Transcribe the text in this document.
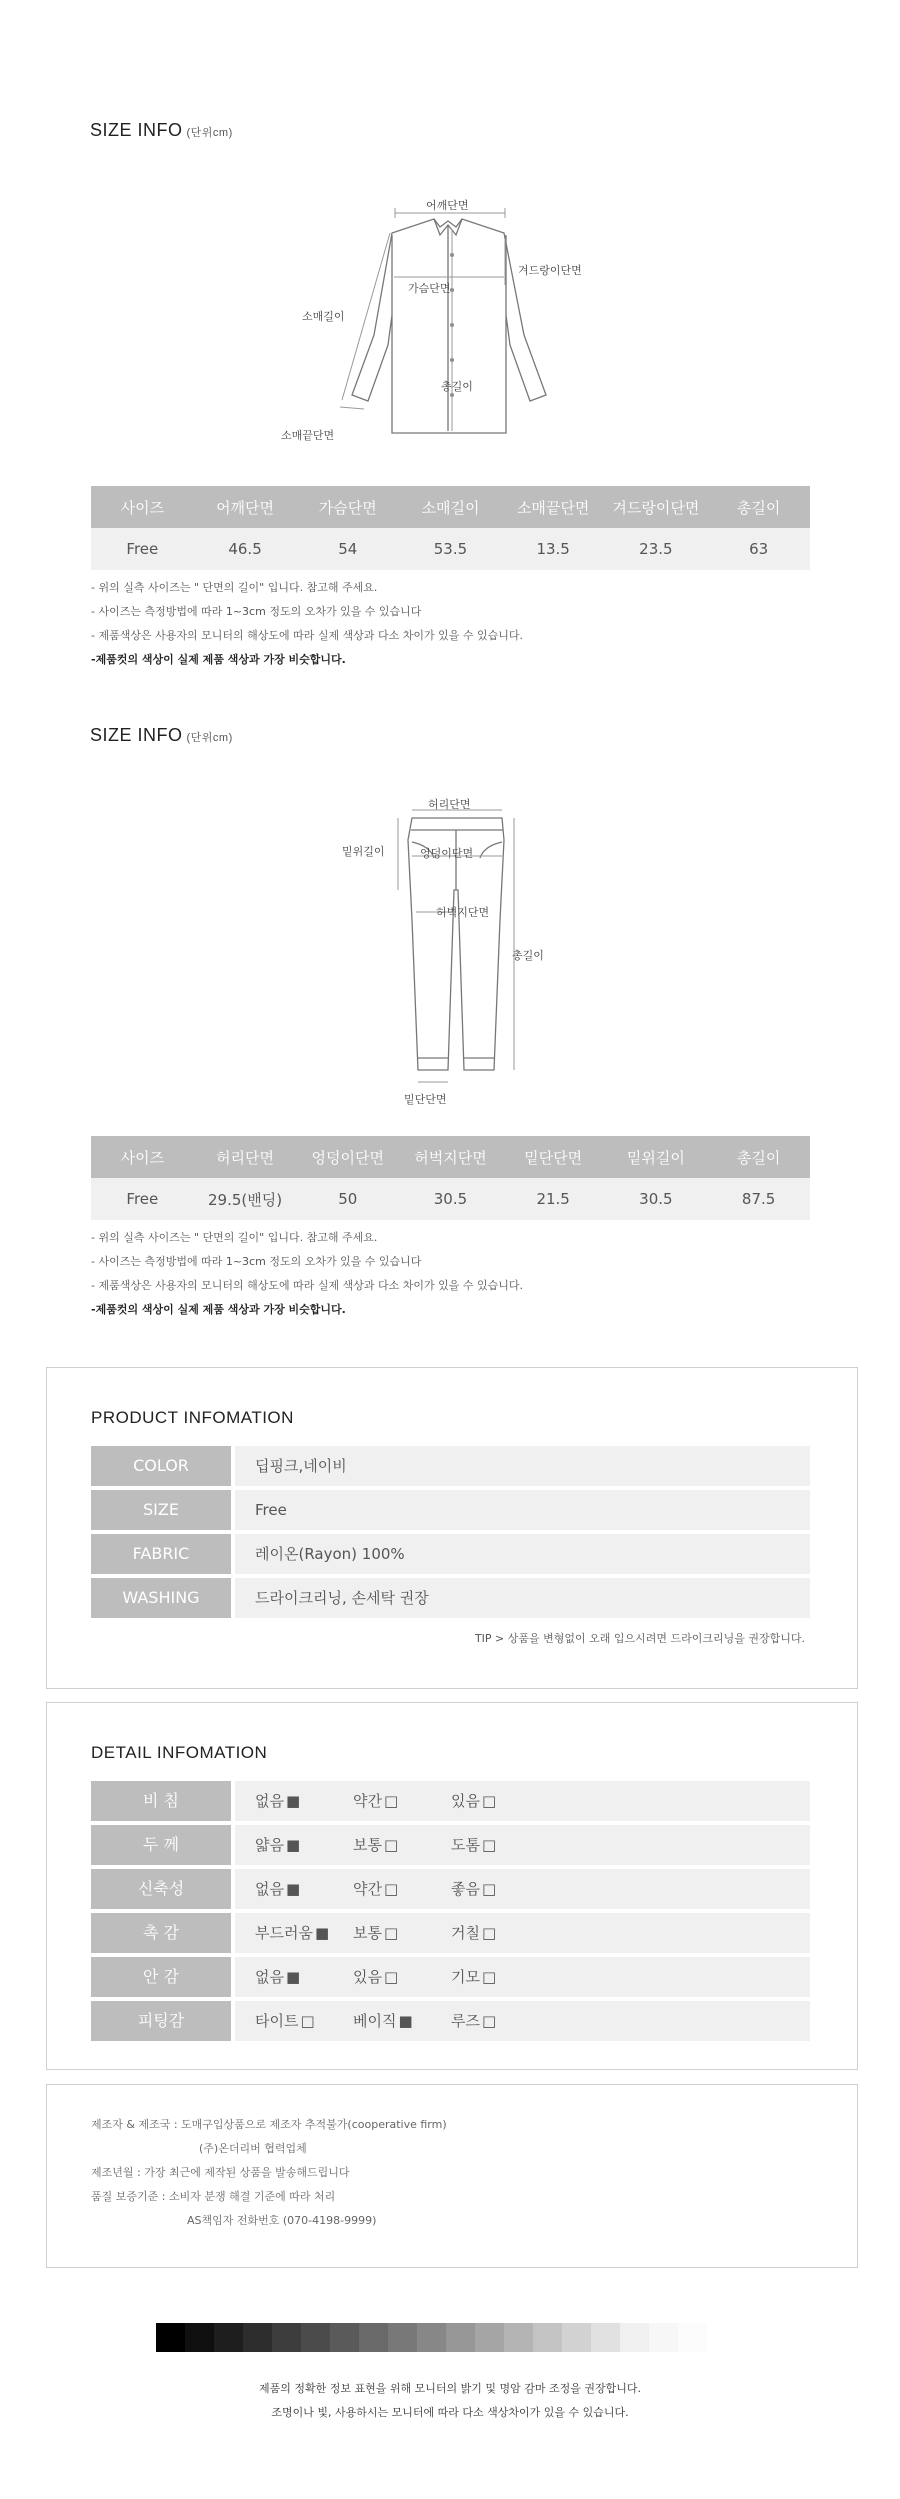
SIZE INFO (단위cm)
어깨단면
겨드랑이단면
소매길이
가슴단면
총길이
소매끝단면
사이즈	어깨단면	가슴단면	소매길이	소매끝단면	겨드랑이단면	총길이
Free	46.5	54	53.5	13.5	23.5	63
- 위의 실측 사이즈는 " 단면의 길이" 입니다. 참고해 주세요.
- 사이즈는 측정방법에 따라 1~3cm 정도의 오차가 있을 수 있습니다
- 제품색상은 사용자의 모니터의 해상도에 따라 실제 색상과 다소 차이가 있을 수 있습니다.
-제품컷의 색상이 실제 제품 색상과 가장 비슷합니다.
SIZE INFO (단위cm)
허리단면
밑위길이	엉덩이단면
허벅지단면
총길이
밑단단면
사이즈	허리단면	엉덩이단면	허벅지단면	밑단단면	밑위길이	총길이
Free	29.5(밴딩)	50	30.5	21.5	30.5	87.5
- 위의 실측 사이즈는 " 단면의 길이" 입니다. 참고해 주세요.
- 사이즈는 측정방법에 따라 1~3cm 정도의 오차가 있을 수 있습니다
- 제품색상은 사용자의 모니터의 해상도에 따라 실제 색상과 다소 차이가 있을 수 있습니다.
-제품컷의 색상이 실제 제품 색상과 가장 비슷합니다.
PRODUCT INFOMATION
COLOR	딥핑크,네이비
SIZE	Free
FABRIC	레이온(Rayon) 100%
WASHING	드라이크리닝, 손세탁 권장
TIP > 상품을 변형없이 오래 입으시려면 드라이크리닝을 권장합니다.
DETAIL INFOMATION
비 침	없음 ■	약간 □	있음 □
두 께	얇음 ■	보통 □	도톰 □
신축성	없음 ■	약간 □	좋음 □
촉 감	부드러움 ■ 보통 □	거칠 □
안 감	없음 ■	있음 □	기모 □
피팅감	타이트 □	베이직 ■	루즈 □
제조자 & 제조국 : 도매구입상품으로 제조자 추적불가(cooperative firm)
(주)온더리버 협력업체
제조년월 : 가장 최근에 제작된 상품을 발송해드립니다
품질 보증기준 : 소비자 분쟁 해결 기준에 따라 처리
AS책임자 전화번호 (070-4198-9999)
제품의 정확한 정보 표현을 위해 모니터의 밝기 및 명암 감마 조정을 권장합니다.
조명이나 빛, 사용하시는 모니터에 따라 다소 색상차이가 있을 수 있습니다.
